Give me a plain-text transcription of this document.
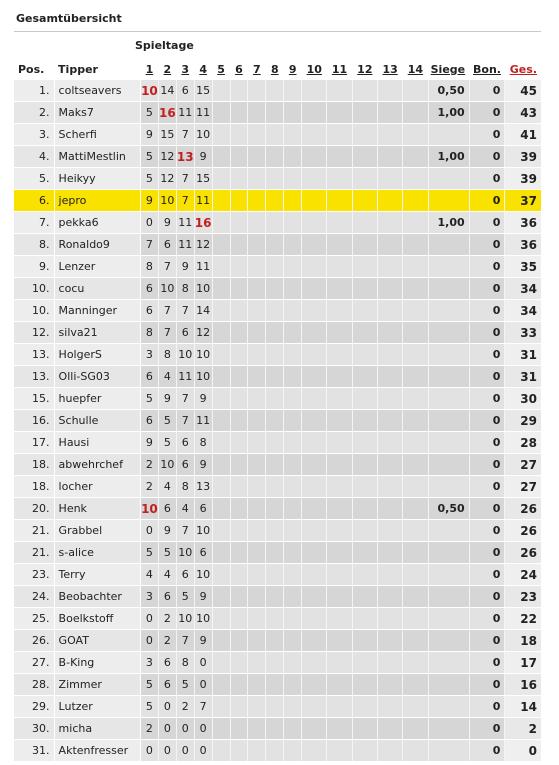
Gesamtübersicht
Spieltage
Pos.	Tipper	1	2	3	4	5	6	7	8	9	10	11	12	13	14	Siege	Bon.	Ges.
1.	coltseavers	10	14	6	15											0,50	0	45
2.	Maks7	5	16	11	11											1,00	0	43
3.	Scherfi	9	15	7	10												0	41
4.	MattiMestlin	5	12	13	9											1,00	0	39
5.	Heikyy	5	12	7	15												0	39
6.	jepro	9	10	7	11												0	37
7.	pekka6	0	9	11	16											1,00	0	36
8.	Ronaldo9	7	6	11	12												0	36
9.	Lenzer	8	7	9	11												0	35
10.	cocu	6	10	8	10												0	34
10.	Manninger	6	7	7	14												0	34
12.	silva21	8	7	6	12												0	33
13.	HolgerS	3	8	10	10												0	31
13.	Olli-SG03	6	4	11	10												0	31
15.	huepfer	5	9	7	9												0	30
16.	Schulle	6	5	7	11												0	29
17.	Hausi	9	5	6	8												0	28
18.	abwehrchef	2	10	6	9												0	27
18.	locher	2	4	8	13												0	27
20.	Henk	10	6	4	6											0,50	0	26
21.	Grabbel	0	9	7	10												0	26
21.	s-alice	5	5	10	6												0	26
23.	Terry	4	4	6	10												0	24
24.	Beobachter	3	6	5	9												0	23
25.	Boelkstoff	0	2	10	10												0	22
26.	GOAT	0	2	7	9												0	18
27.	B-King	3	6	8	0												0	17
28.	Zimmer	5	6	5	0												0	16
29.	Lutzer	5	0	2	7												0	14
30.	micha	2	0	0	0												0	2
31.	Aktenfresser	0	0	0	0												0	0
